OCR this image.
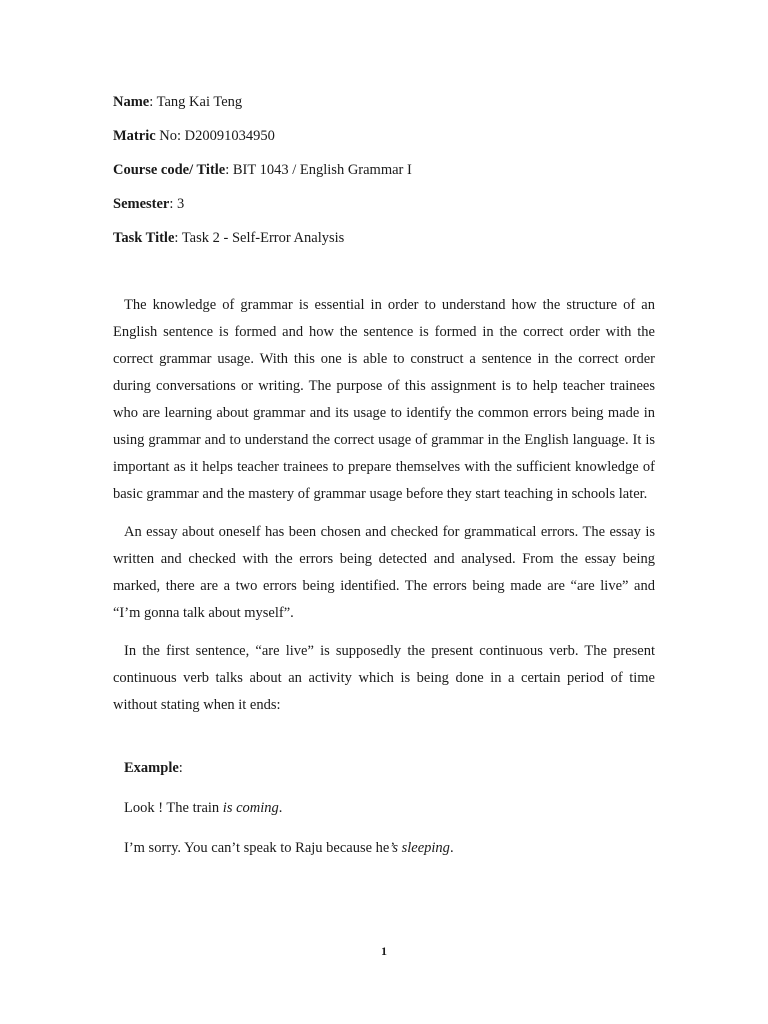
Name: Tang Kai Teng
Matric No: D20091034950
Course code/ Title: BIT 1043 / English Grammar I
Semester: 3
Task Title: Task 2 - Self-Error Analysis

The knowledge of grammar is essential in order to understand how the structure of an English sentence is formed and how the sentence is formed in the correct order with the correct grammar usage. With this one is able to construct a sentence in the correct order during conversations or writing. The purpose of this assignment is to help teacher trainees who are learning about grammar and its usage to identify the common errors being made in using grammar and to understand the correct usage of grammar in the English language. It is important as it helps teacher trainees to prepare themselves with the sufficient knowledge of basic grammar and the mastery of grammar usage before they start teaching in schools later.

An essay about oneself has been chosen and checked for grammatical errors. The essay is written and checked with the errors being detected and analysed. From the essay being marked, there are a two errors being identified. The errors being made are “are live” and “I’m gonna talk about myself”.

In the first sentence, “are live” is supposedly the present continuous verb. The present continuous verb talks about an activity which is being done in a certain period of time without stating when it ends:

Example:
Look ! The train is coming.
I’m sorry. You can’t speak to Raju because he’s sleeping.
1
